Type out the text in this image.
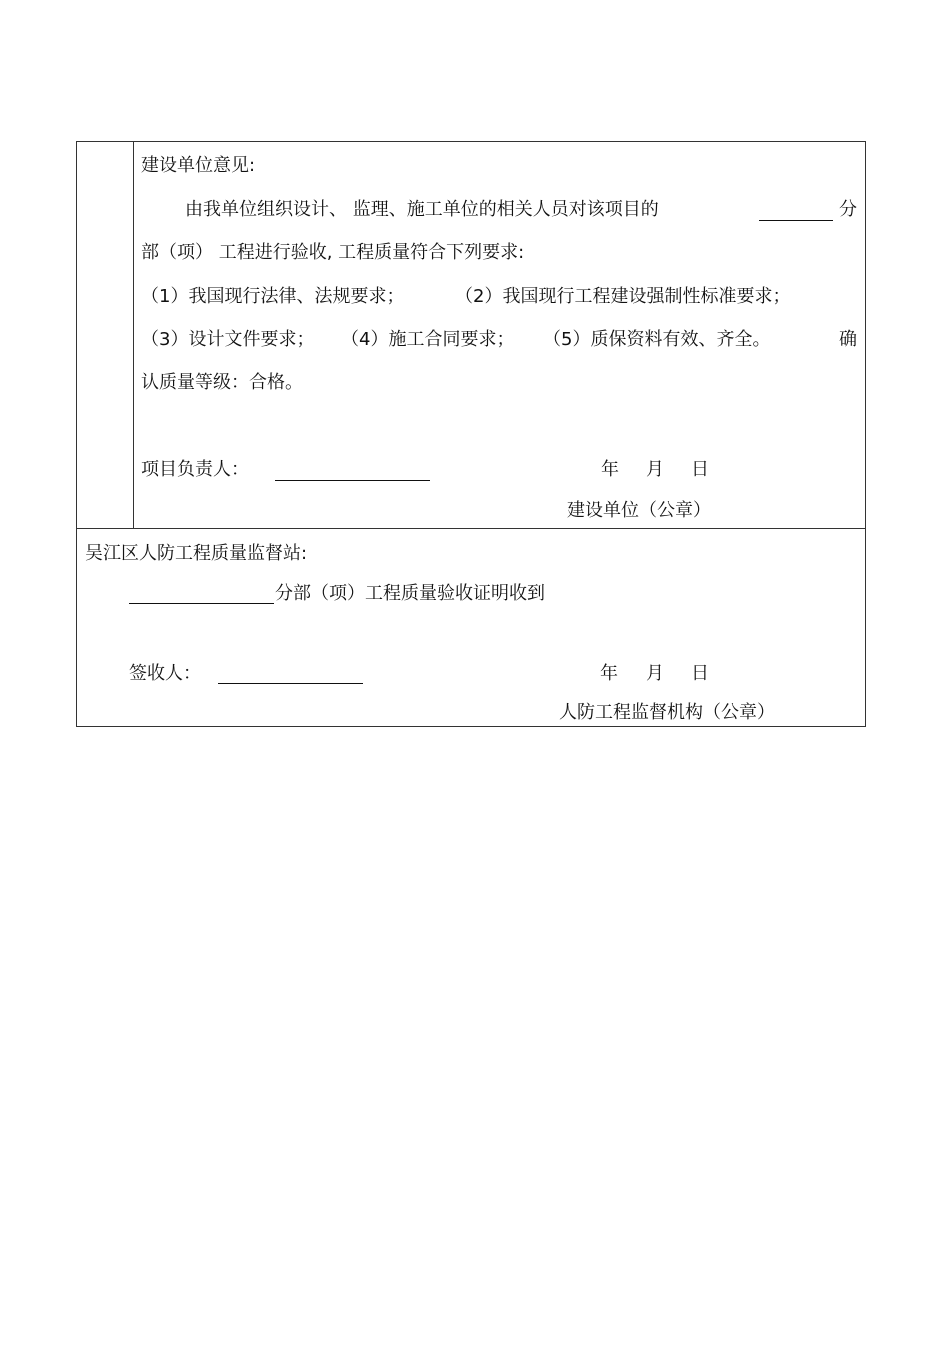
建设单位意见:
由我单位组织设计、 监理、施工单位的相关人员对该项目的	分
部（项） 工程进行验收, 工程质量符合下列要求:
（1）我国现行法律、法规要求；	（2）我国现行工程建设强制性标准要求；
（3）设计文件要求； （4）施工合同要求； （5）质保资料有效、齐全。	确
认质量等级：合格。
项目负责人：	年 月 日
建设单位（公章）
吴江区人防工程质量监督站:
分部（项）工程质量验收证明收到
签收人：	年 月 日
人防工程监督机构（公章）
